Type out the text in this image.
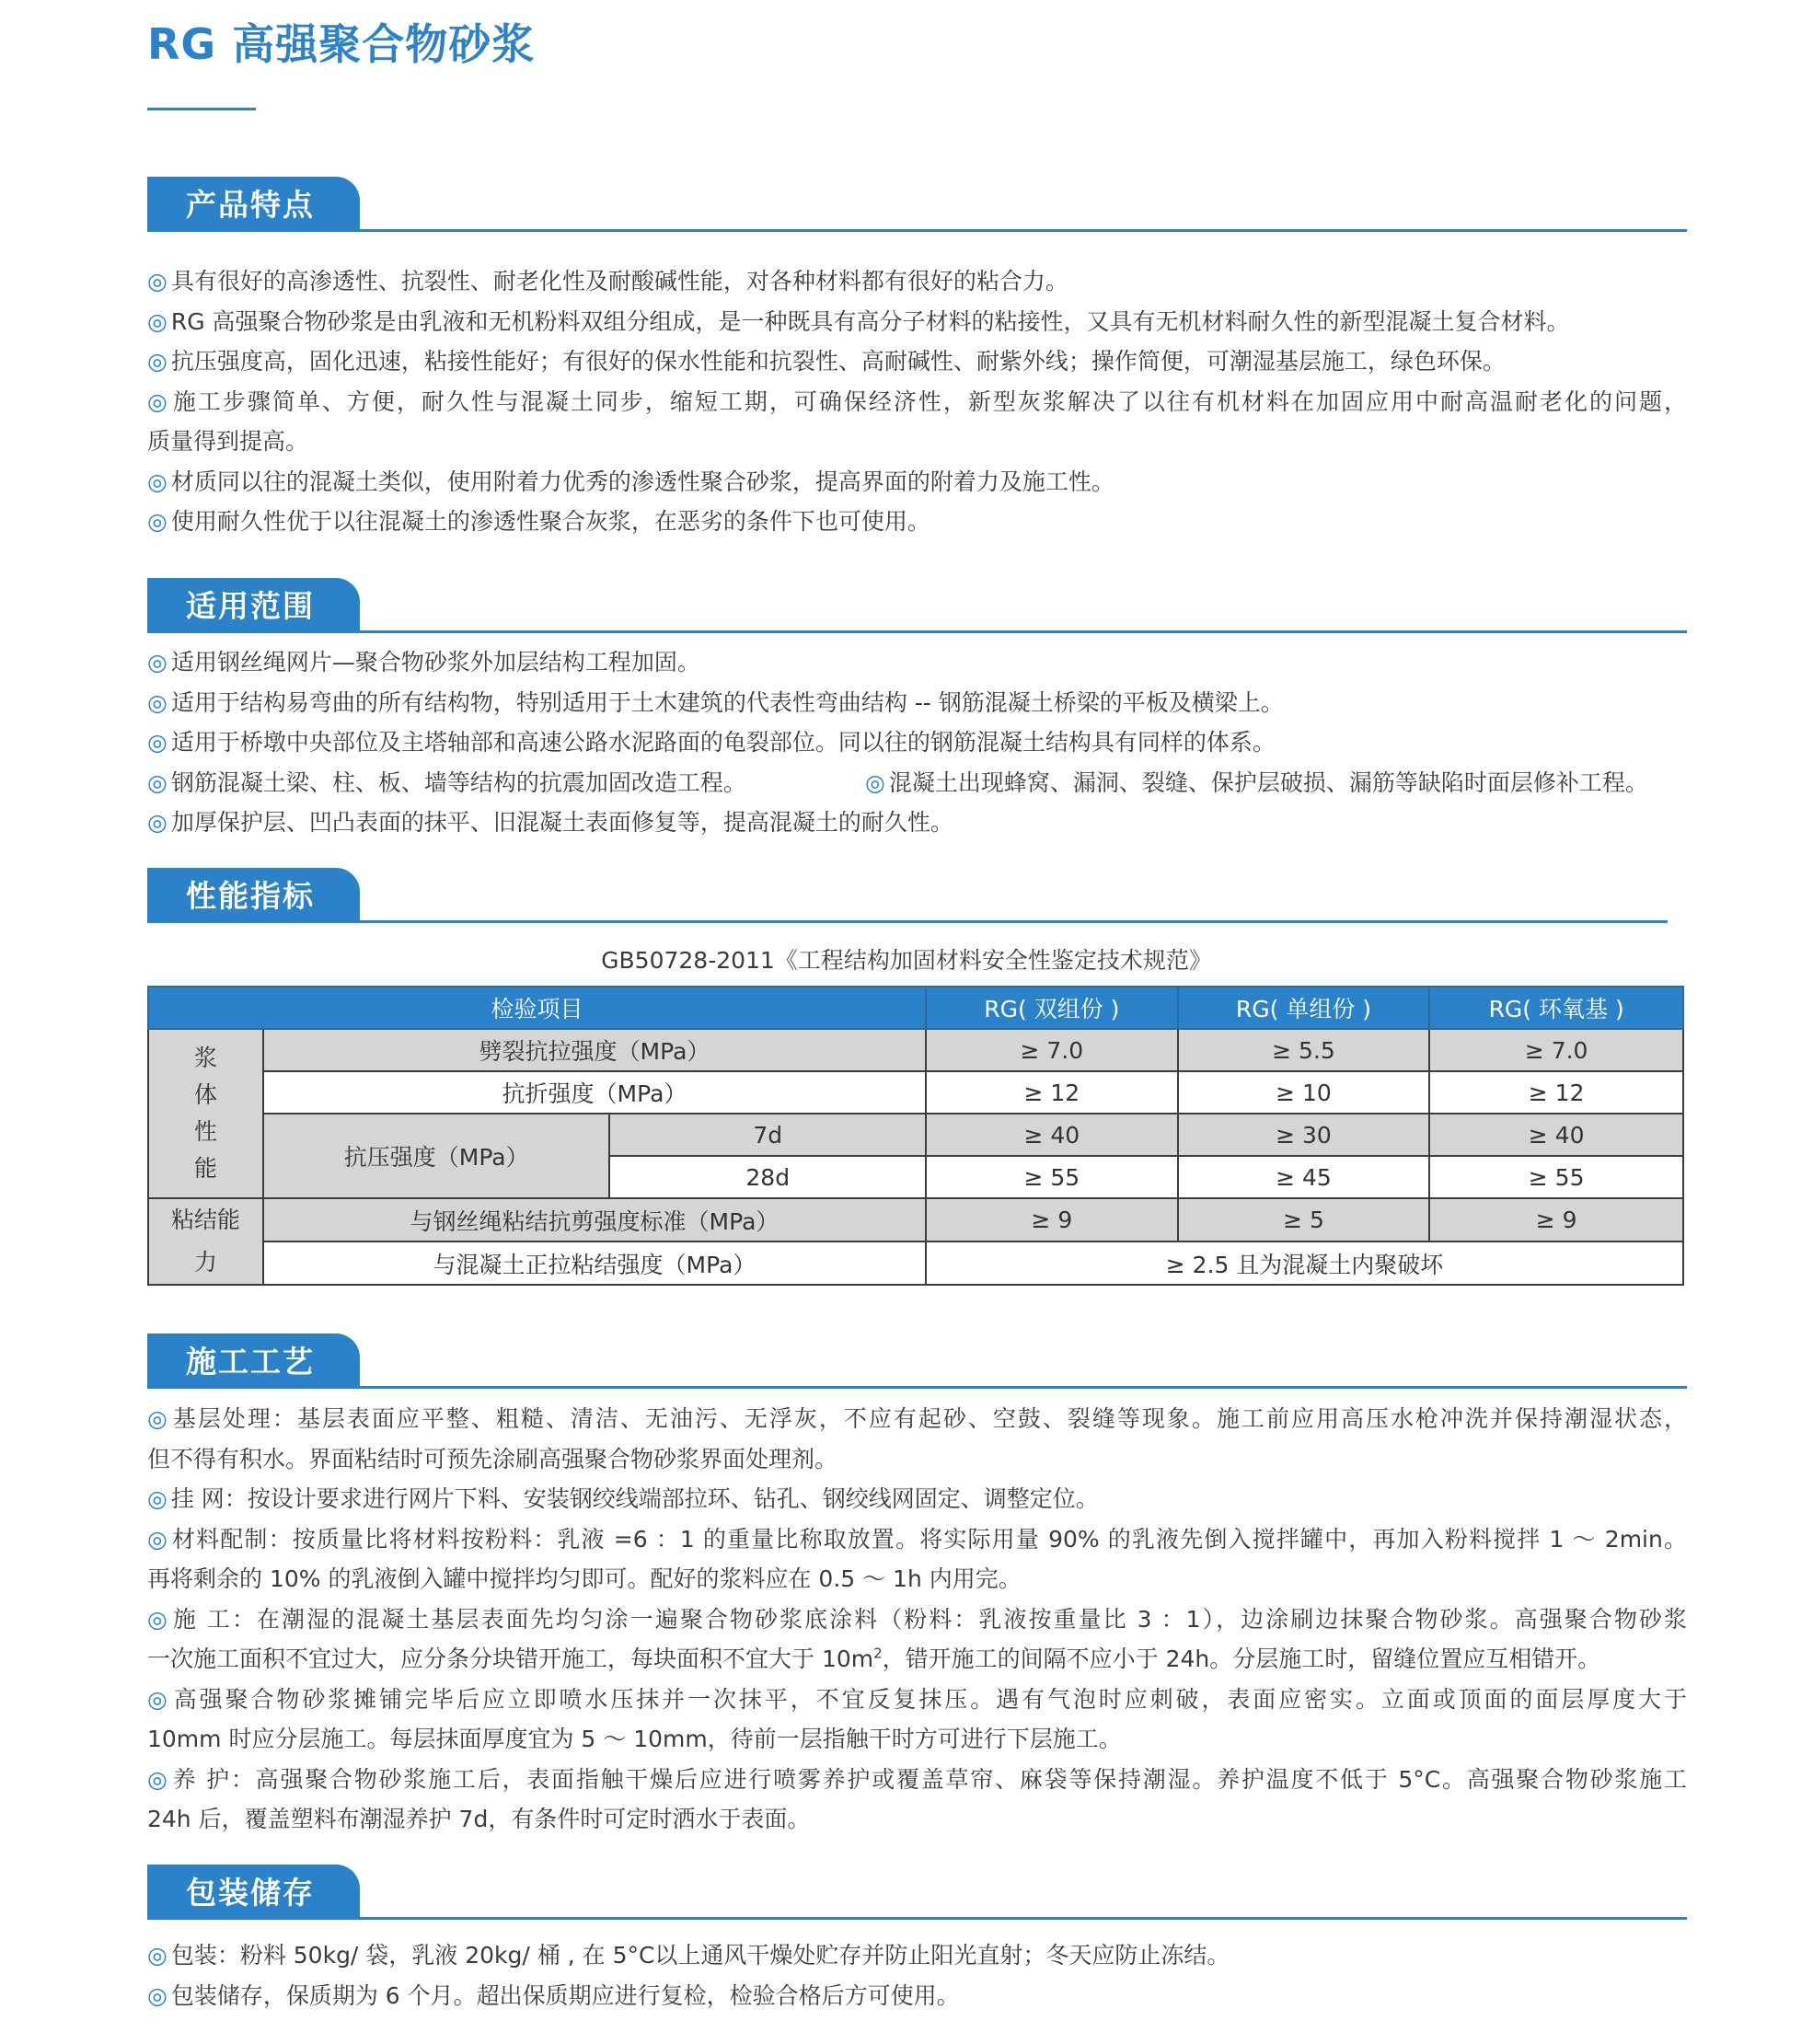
RG 高强聚合物砂浆
产品特点
◎ 具有很好的高渗透性、抗裂性、耐老化性及耐酸碱性能，对各种材料都有很好的粘合力。
◎ RG 高强聚合物砂浆是由乳液和无机粉料双组分组成，是一种既具有高分子材料的粘接性，又具有无机材料耐久性的新型混凝土复合材料。
◎ 抗压强度高，固化迅速，粘接性能好；有很好的保水性能和抗裂性、高耐碱性、耐紫外线；操作简便，可潮湿基层施工，绿色环保。
◎ 施工步骤简单、方便，耐久性与混凝土同步，缩短工期，可确保经济性，新型灰浆解决了以往有机材料在加固应用中耐高温耐老化的问题，
质量得到提高。
◎ 材质同以往的混凝土类似，使用附着力优秀的渗透性聚合砂浆，提高界面的附着力及施工性。
◎ 使用耐久性优于以往混凝土的渗透性聚合灰浆，在恶劣的条件下也可使用。
适用范围
◎ 适用钢丝绳网片—聚合物砂浆外加层结构工程加固。
◎ 适用于结构易弯曲的所有结构物，特别适用于土木建筑的代表性弯曲结构 -- 钢筋混凝土桥梁的平板及横梁上。
◎ 适用于桥墩中央部位及主塔轴部和高速公路水泥路面的龟裂部位。同以往的钢筋混凝土结构具有同样的体系。
◎ 钢筋混凝土梁、柱、板、墙等结构的抗震加固改造工程。	◎ 混凝土出现蜂窝、漏洞、裂缝、保护层破损、漏筋等缺陷时面层修补工程。
◎ 加厚保护层、凹凸表面的抹平、旧混凝土表面修复等，提高混凝土的耐久性。
性能指标
施工工艺
◎ 基层处理：基层表面应平整、粗糙、清洁、无油污、无浮灰，不应有起砂、空鼓、裂缝等现象。施工前应用高压水枪冲洗并保持潮湿状态，
但不得有积水。界面粘结时可预先涂刷高强聚合物砂浆界面处理剂。
◎ 挂 网：按设计要求进行网片下料、安装钢绞线端部拉环、钻孔、钢绞线网固定、调整定位。
◎ 材料配制：按质量比将材料按粉料：乳液 =6 ：1 的重量比称取放置。将实际用量 90% 的乳液先倒入搅拌罐中，再加入粉料搅拌 1 ～ 2min。
再将剩余的 10% 的乳液倒入罐中搅拌均匀即可。配好的浆料应在 0.5 ～ 1h 内用完。
◎ 施 工：在潮湿的混凝土基层表面先均匀涂一遍聚合物砂浆底涂料（粉料：乳液按重量比 3 ：1），边涂刷边抹聚合物砂浆。高强聚合物砂浆
一次施工面积不宜过大，应分条分块错开施工，每块面积不宜大于 $10m^2$，错开施工的间隔不应小于 24h。分层施工时，留缝位置应互相错开。
◎ 高强聚合物砂浆摊铺完毕后应立即喷水压抹并一次抹平，不宜反复抹压。遇有气泡时应刺破，表面应密实。立面或顶面的面层厚度大于
10mm 时应分层施工。每层抹面厚度宜为 5 ～ 10mm，待前一层指触干时方可进行下层施工。
◎ 养 护：高强聚合物砂浆施工后，表面指触干燥后应进行喷雾养护或覆盖草帘、麻袋等保持潮湿。养护温度不低于 5°C。高强聚合物砂浆施工
24h 后，覆盖塑料布潮湿养护 7d，有条件时可定时洒水于表面。
包装储存
◎ 包装：粉料 50kg/ 袋，乳液 20kg/ 桶 , 在 5°C以上通风干燥处贮存并防止阳光直射；冬天应防止冻结。
◎ 包装储存，保质期为 6 个月。超出保质期应进行复检，检验合格后方可使用。
GB50728-2011《工程结构加固材料安全性鉴定技术规范》
检验项目			RG( 双组份 )	RG( 单组份 )	RG( 环氧基 )

浆体性能	劈裂抗拉强度（MPa）		≥ 7.0	≥ 5.5	≥ 7.0
	抗折强度（MPa）		≥ 12	≥ 10	≥ 12
	抗压强度（MPa）	7d	≥ 40	≥ 30	≥ 40
		28d	≥ 55	≥ 45	≥ 55

粘结能力	与钢丝绳粘结抗剪强度标准（MPa）		≥ 9	≥ 5	≥ 9
	与混凝土正拉粘结强度（MPa）		≥ 2.5 且为混凝土内聚破坏		
